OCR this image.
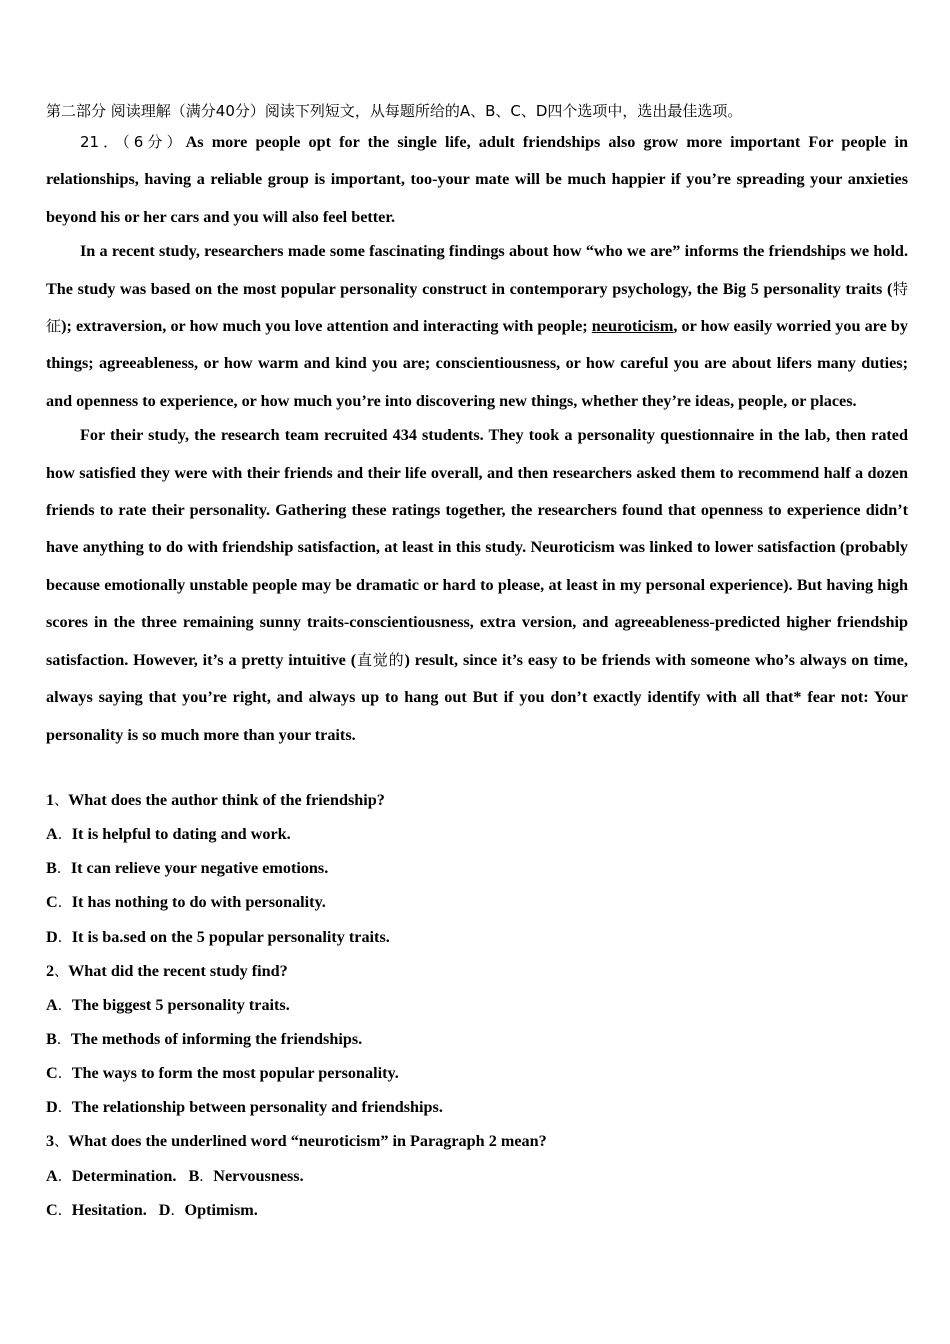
第二部分 阅读理解（满分40分）阅读下列短文，从每题所给的A、B、C、D四个选项中，选出最佳选项。

21．（6分）As more people opt for the single life, adult friendships also grow more important For people in relationships, having a reliable group is important, too-your mate will be much happier if you’re spreading your anxieties beyond his or her cars and you will also feel better.

In a recent study, researchers made some fascinating findings about how “who we are” informs the friendships we hold. The study was based on the most popular personality construct in contemporary psychology, the Big 5 personality traits (特征); extraversion, or how much you love attention and interacting with people; neuroticism, or how easily worried you are by things; agreeableness, or how warm and kind you are; conscientiousness, or how careful you are about lifers many duties; and openness to experience, or how much you’re into discovering new things, whether they’re ideas, people, or places.

For their study, the research team recruited 434 students. They took a personality questionnaire in the lab, then rated how satisfied they were with their friends and their life overall, and then researchers asked them to recommend half a dozen friends to rate their personality. Gathering these ratings together, the researchers found that openness to experience didn’t have anything to do with friendship satisfaction, at least in this study. Neuroticism was linked to lower satisfaction (probably because emotionally unstable people may be dramatic or hard to please, at least in my personal experience). But having high scores in the three remaining sunny traits-conscientiousness, extra version, and agreeableness-predicted higher friendship satisfaction. However, it’s a pretty intuitive (直觉的) result, since it’s easy to be friends with someone who’s always on time, always saying that you’re right, and always up to hang out But if you don’t exactly identify with all that* fear not: Your personality is so much more than your traits.

1、What does the author think of the friendship?
A．It is helpful to dating and work.
B．It can relieve your negative emotions.
C．It has nothing to do with personality.
D．It is ba.sed on the 5 popular personality traits.
2、What did the recent study find?
A．The biggest 5 personality traits.
B．The methods of informing the friendships.
C．The ways to form the most popular personality.
D．The relationship between personality and friendships.
3、What does the underlined word “neuroticism” in Paragraph 2 mean?
A．Determination. B．Nervousness.
C．Hesitation. D．Optimism.
